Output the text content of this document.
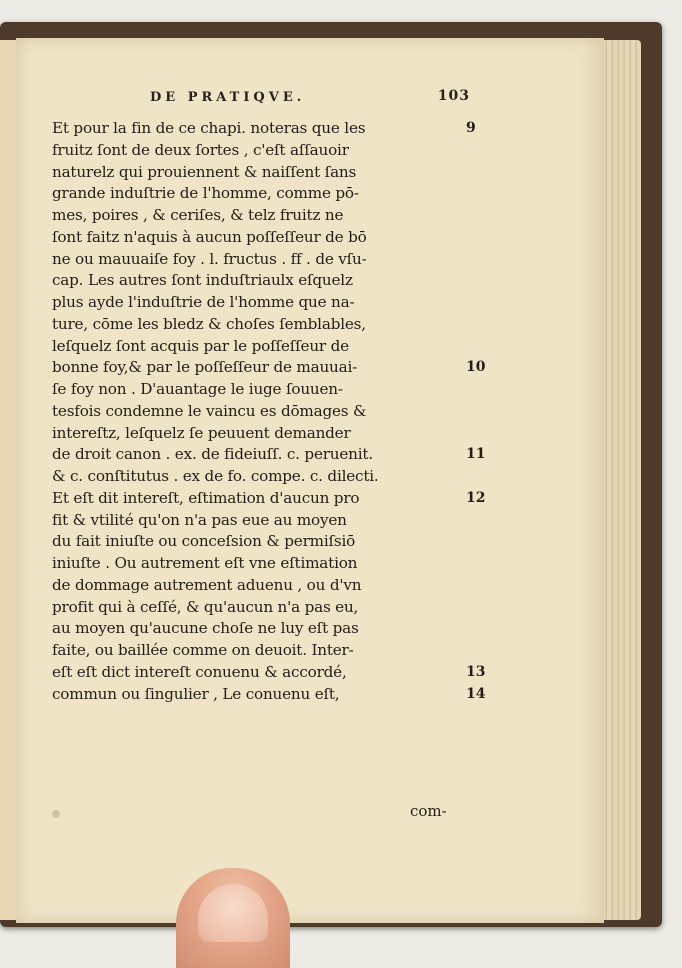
DE PRATIQVE.	103
Et pour la fin de ce chapi. noteras que les
fruitz ſont de deux ſortes , c'eſt aſſauoir
naturelz qui prouiennent & naiſſent ſans
grande induſtrie de l'homme, comme pō-
mes, poires , & ceriſes, & telz fruitz ne
ſont faitz n'aquis à aucun poſſeſſeur de bō
ne ou mauuaiſe foy . l. fructus . ff . de vſu-
cap. Les autres ſont induſtriaulx eſquelz
plus ayde l'induſtrie de l'homme que na-
ture, cōme les bledz & choſes ſemblables,
leſquelz ſont acquis par le poſſeſſeur de
bonne foy,& par le poſſeſſeur de mauuai-
ſe foy non . D'auantage le iuge ſouuen-
tesfois condemne le vaincu es dōmages &
intereſtz, leſquelz ſe peuuent demander
de droit canon . ex. de fideiuſſ. c. peruenit.
& c. conſtitutus . ex de fo. compe. c. dilecti.
Et eſt dit intereſt, eſtimation d'aucun pro
fit & vtilité qu'on n'a pas eue au moyen
du fait iniuſte ou conceſsion & permiſsiō
iniuſte . Ou autrement eſt vne eſtimation
de dommage autrement aduenu , ou d'vn
profit qui à ceſſé, & qu'aucun n'a pas eu,
au moyen qu'aucune choſe ne luy eſt pas
faite, ou baillée comme on deuoit. Inter-
eſt eſt dict intereſt conuenu & accordé,
commun ou ſingulier , Le conuenu eſt,
9
10
11
12
13
14
com-
